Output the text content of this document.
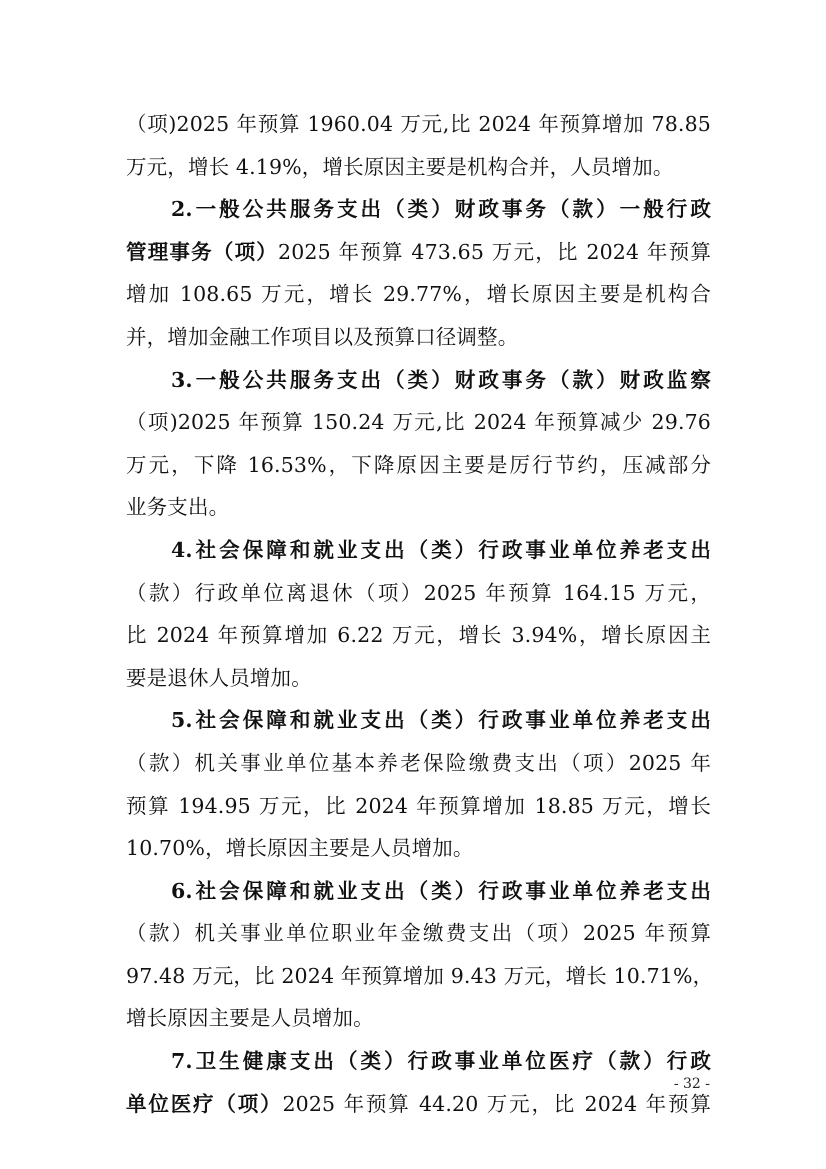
（项)2025 年预算 1960.04 万元,比 2024 年预算增加 78.85
万元，增长 4.19%，增长原因主要是机构合并，人员增加。
2.一般公共服务支出（类）财政事务（款）一般行政
管理事务（项）2025 年预算 473.65 万元，比 2024 年预算
增加 108.65 万元，增长 29.77%，增长原因主要是机构合
并，增加金融工作项目以及预算口径调整。
3.一般公共服务支出（类）财政事务（款）财政监察
（项)2025 年预算 150.24 万元,比 2024 年预算减少 29.76
万元，下降 16.53%，下降原因主要是厉行节约，压减部分
业务支出。
4.社会保障和就业支出（类）行政事业单位养老支出
（款）行政单位离退休（项）2025 年预算 164.15 万元，
比 2024 年预算增加 6.22 万元，增长 3.94%，增长原因主
要是退休人员增加。
5.社会保障和就业支出（类）行政事业单位养老支出
（款）机关事业单位基本养老保险缴费支出（项）2025 年
预算 194.95 万元，比 2024 年预算增加 18.85 万元，增长
10.70%，增长原因主要是人员增加。
6.社会保障和就业支出（类）行政事业单位养老支出
（款）机关事业单位职业年金缴费支出（项）2025 年预算
97.48 万元，比 2024 年预算增加 9.43 万元，增长 10.71%，
增长原因主要是人员增加。
7.卫生健康支出（类）行政事业单位医疗（款）行政
单位医疗（项）2025 年预算 44.20 万元，比 2024 年预算
- 32 -
